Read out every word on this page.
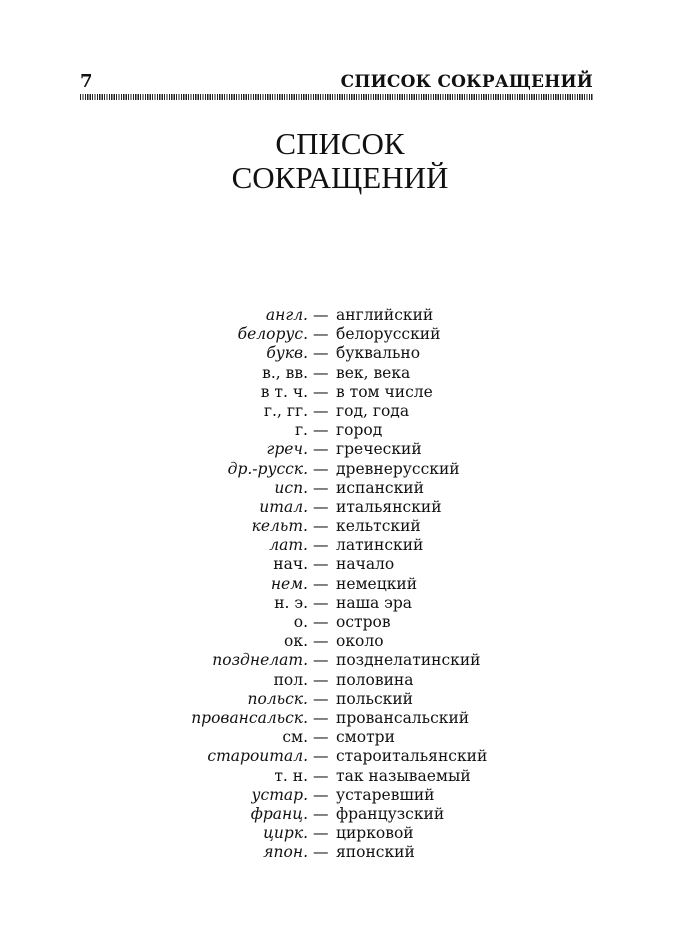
7	СПИСОК СОКРАЩЕНИЙ
СПИСОК
СОКРАЩЕНИЙ
англ. — английский
белорус. — белорусский
букв. — буквально
в., вв. — век, века
в т. ч. — в том числе
г., гг. — год, года
г. — город
греч. — греческий
др.-русск. — древнерусский
исп. — испанский
итал. — итальянский
кельт. — кельтский
лат. — латинский
нач. — начало
нем. — немецкий
н. э. — наша эра
о. — остров
ок. — около
позднелат. — позднелатинский
пол. — половина
польск. — польский
провансальск. — провансальский
см. — смотри
староитал. — староитальянский
т. н. — так называемый
устар. — устаревший
франц. — французский
цирк. — цирковой
япон. — японский
